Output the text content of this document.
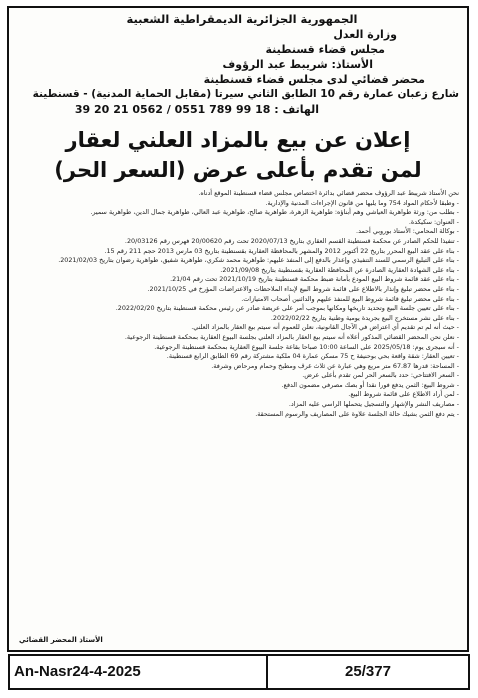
الجمهورية الجزائرية الديمقراطية الشعبية
وزارة العدل
مجلس قضاء قسنطينة
الأستاذ: شريبط عبد الرؤوف
محضر قضائي لدى مجلس قضاء قسنطينة
شارع زعبان عمارة رقم 10 الطابق الثاني سيرتا (مقابل الحماية المدنية) - قسنطينة
الهاتف : 18 99 789 0551 / 0562 21 20 39
إعلان عن بيع بالمزاد العلني لعقار
لمن تقدم بأعلى عرض (السعر الحر)

نحن الأستاذ شريبط عبد الرؤوف محضر قضائي بدائرة اختصاص مجلس قضاء قسنطينة الموقع أدناه.

- وطبقا لأحكام المواد 754 وما يليها من قانون الإجراءات المدنية والإدارية.

- بطلب من: ورثة طواهرية العياشي وهم أبناؤه: طواهرية الزهرة، طواهرية صالح، طواهرية عبد العالي، طواهرية جمال الدين، طواهرية سمير.

- العنوان: سكيكدة.

- بوكالة المحامي: الأستاذ بوروبي أحمد.

- تنفيذا للحكم الصادر عن محكمة قسنطينة القسم العقاري بتاريخ 2020/07/13 تحت رقم 20/00620 فهرس رقم 20/03126.

- بناء على عقد البيع المحرر بتاريخ 22 أكتوبر 2012 والمشهر بالمحافظة العقارية بقسنطينة بتاريخ 03 مارس 2013 حجم 211 رقم 15.

- بناء على التبليغ الرسمي للسند التنفيذي وإعذار بالدفع إلى المنفذ عليهم: طواهرية محمد شكري، طواهرية شفيق، طواهرية رضوان بتاريخ 2021/02/03.

- بناء على الشهادة العقارية الصادرة عن المحافظة العقارية بقسنطينة بتاريخ 2021/09/08.

- بناء على عقد قائمة شروط البيع المودع بأمانة ضبط محكمة قسنطينة بتاريخ 2021/10/19 تحت رقم 21/04.

- بناء على محضر تبليغ وإنذار بالاطلاع على قائمة شروط البيع لإبداء الملاحظات والاعتراضات المؤرخ في 2021/10/25.

- بناء على محضر تبليغ قائمة شروط البيع للمنفذ عليهم والدائنين أصحاب الامتيازات.

- بناء على تعيين جلسة البيع وتحديد تاريخها ومكانها بموجب أمر على عريضة صادر عن رئيس محكمة قسنطينة بتاريخ 2022/02/20.

- بناء على نشر مستخرج البيع بجريدة يومية وطنية بتاريخ 2022/02/22.

- حيث أنه لم تم تقديم أي اعتراض في الآجال القانونية، نعلن للعموم أنه سيتم بيع العقار بالمزاد العلني.

- نعلن نحن المحضر القضائي المذكور أعلاه أنه سيتم بيع العقار بالمزاد العلني بجلسة البيوع العقارية بمحكمة قسنطينة الرجوعية.

- أنه سيجرى يوم: 2025/05/18 على الساعة 10:00 صباحا بقاعة جلسة البيوع العقارية بمحكمة قسنطينة الرجوعية.

- تعيين العقار: شقة واقعة بحي بوحنيفة ح 75 مسكن عمارة 04 ملكية مشتركة رقم 69 الطابق الرابع قسنطينة.

- المساحة: قدرها 67.87 متر مربع وهي عبارة عن ثلاث غرف ومطبخ وحمام ومرحاض وشرفة.

- السعر الافتتاحي: حدد بالسعر الحر لمن تقدم بأعلى عرض.

- شروط البيع: الثمن يدفع فورا نقدا أو بصك مصرفي مضمون الدفع.

- لمن أراد الاطلاع على قائمة شروط البيع.

- مصاريف النشر والإشهار والتسجيل يتحملها الراسي عليه المزاد.

- يتم دفع الثمن بشيك حالة الجلسة علاوة على المصاريف والرسوم المستحقة.

الأستاذ المحضر القضائي
An-Nasr24-4-2025	25/377
